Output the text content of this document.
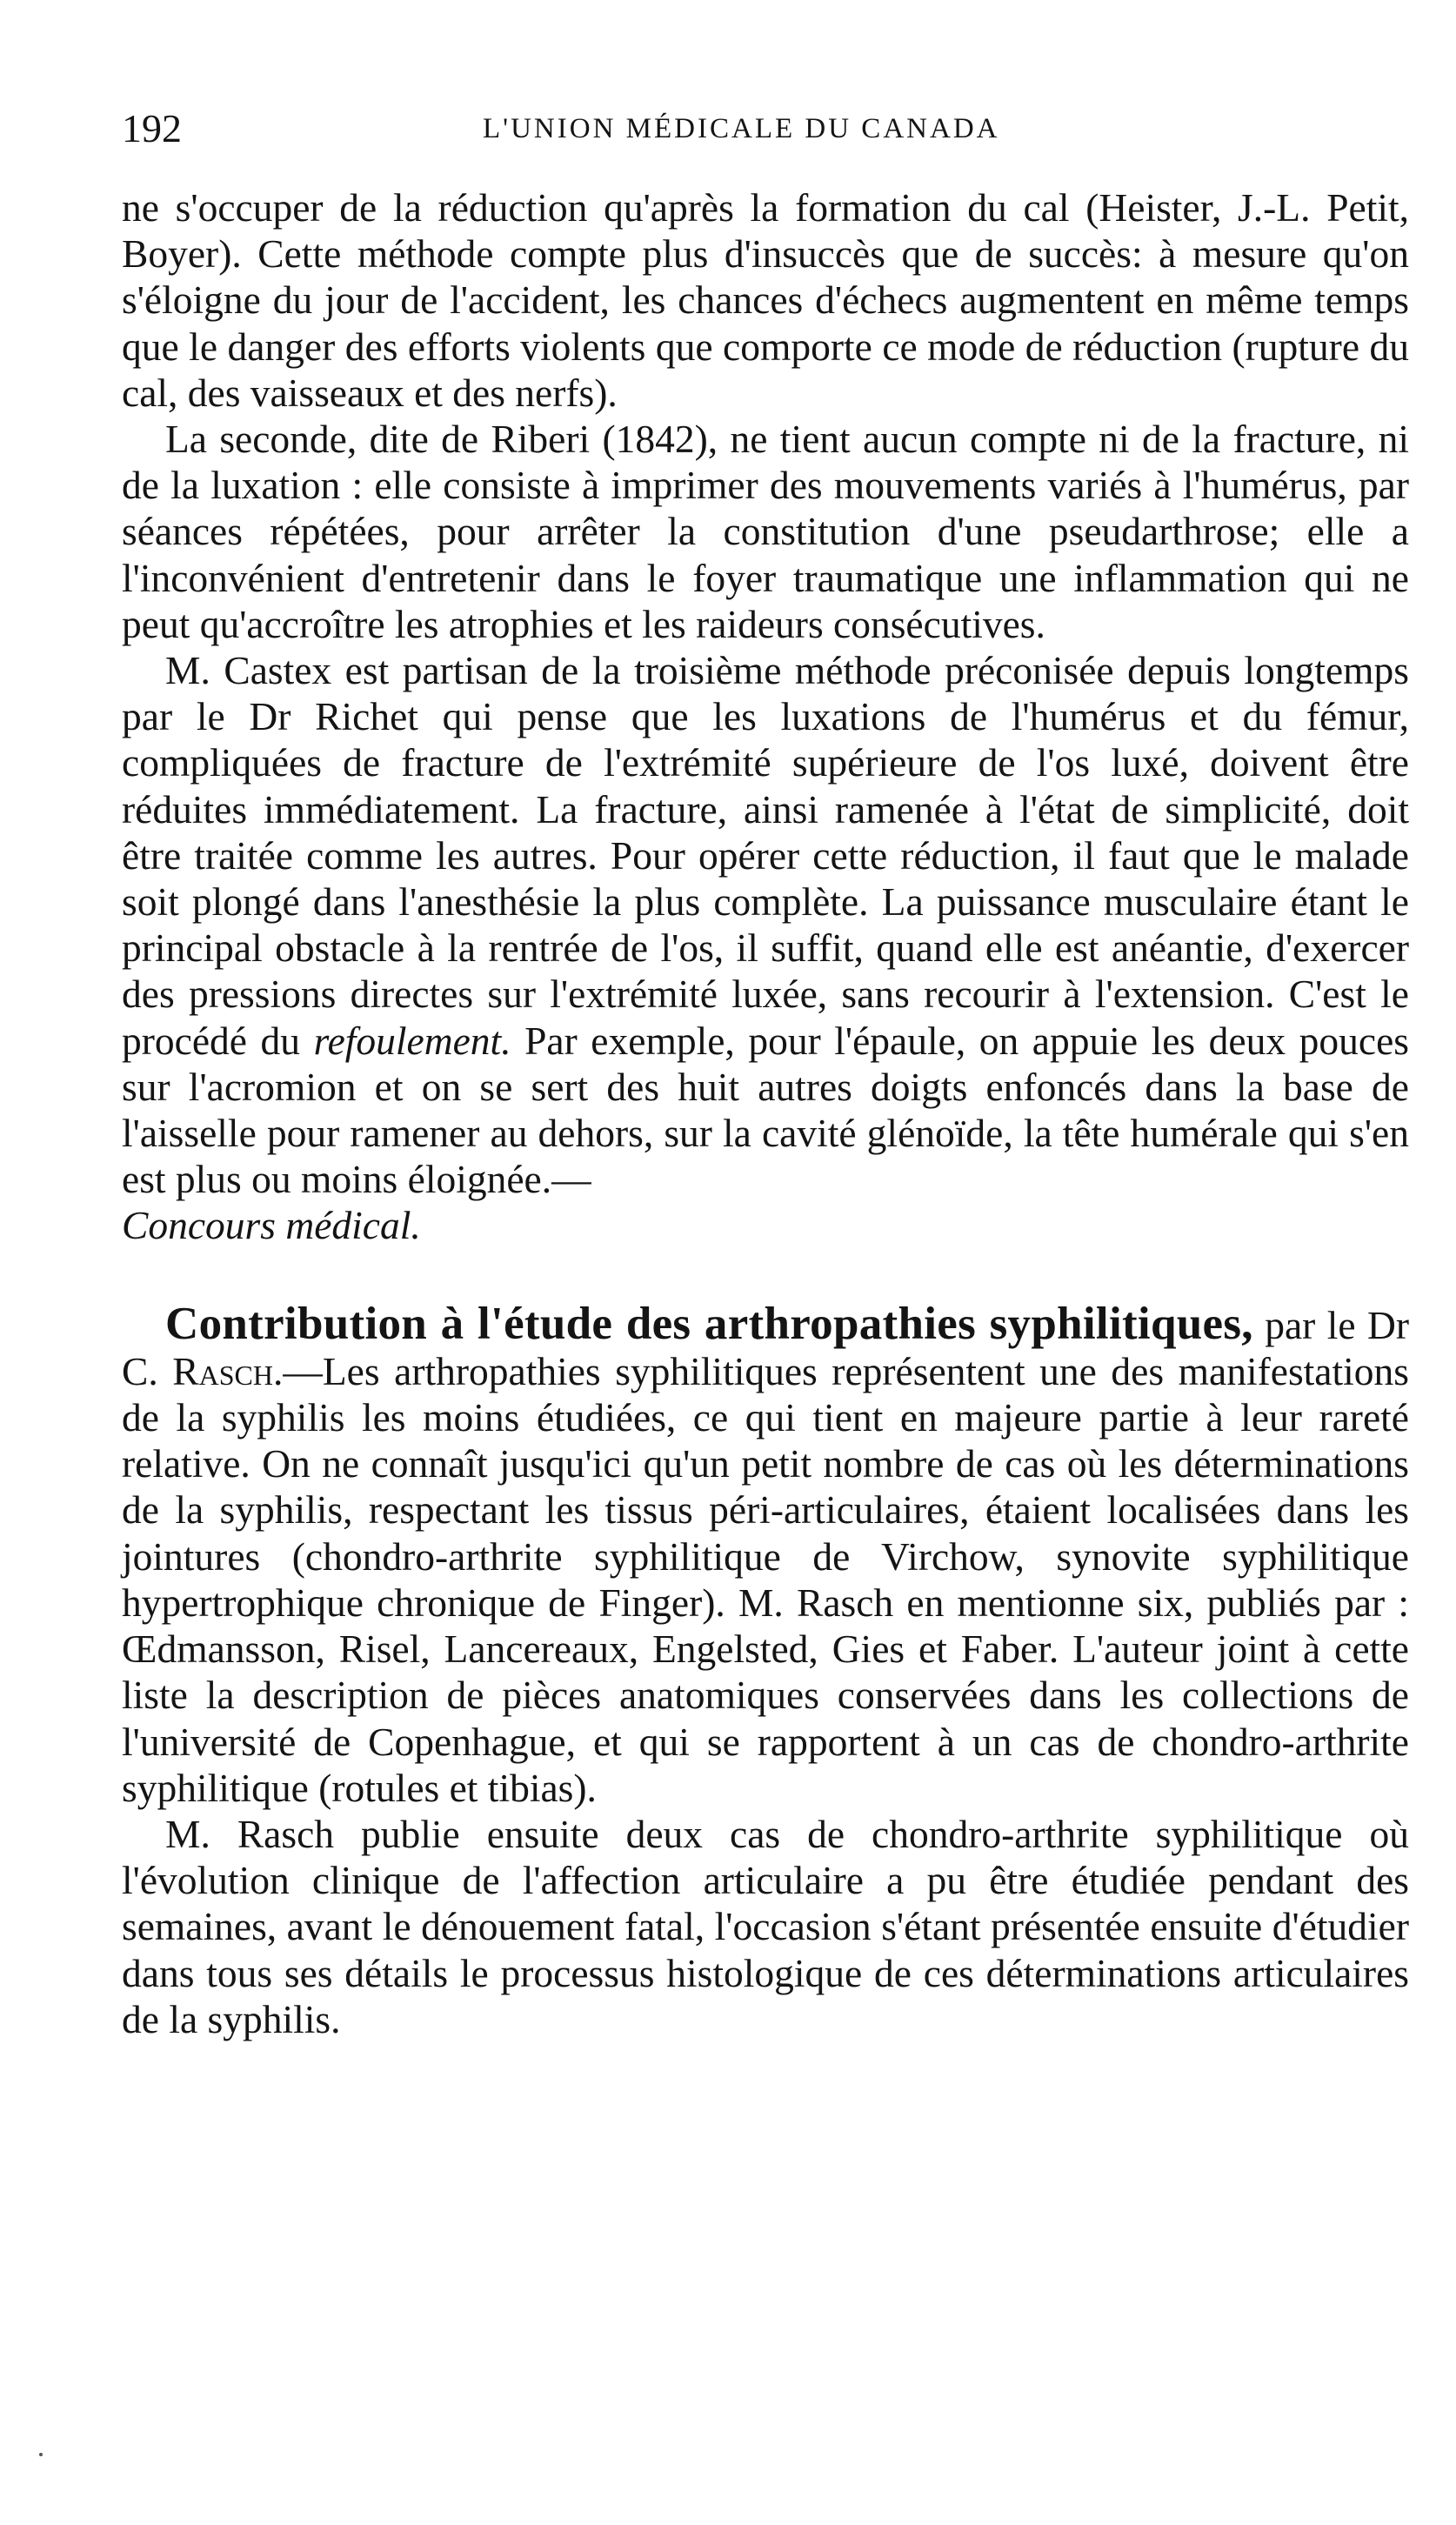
192	L'UNION MÉDICALE DU CANADA

ne s'occuper de la réduction qu'après la formation du cal (Heister, J.-L. Petit, Boyer). Cette méthode compte plus d'insuccès que de succès: à mesure qu'on s'éloigne du jour de l'accident, les chances d'échecs augmentent en même temps que le danger des efforts violents que comporte ce mode de réduction (rupture du cal, des vaisseaux et des nerfs).

La seconde, dite de Riberi (1842), ne tient aucun compte ni de la fracture, ni de la luxation : elle consiste à imprimer des mouvements variés à l'humérus, par séances répétées, pour arrêter la constitution d'une pseudarthrose; elle a l'inconvénient d'entretenir dans le foyer traumatique une inflammation qui ne peut qu'accroître les atrophies et les raideurs consécutives.

M. Castex est partisan de la troisième méthode préconisée depuis longtemps par le Dr Richet qui pense que les luxations de l'humérus et du fémur, compliquées de fracture de l'extrémité supérieure de l'os luxé, doivent être réduites immédiatement. La fracture, ainsi ramenée à l'état de simplicité, doit être traitée comme les autres. Pour opérer cette réduction, il faut que le malade soit plongé dans l'anesthésie la plus complète. La puissance musculaire étant le principal obstacle à la rentrée de l'os, il suffit, quand elle est anéantie, d'exercer des pressions directes sur l'extrémité luxée, sans recourir à l'extension. C'est le procédé du refoulement. Par exemple, pour l'épaule, on appuie les deux pouces sur l'acromion et on se sert des huit autres doigts enfoncés dans la base de l'aisselle pour ramener au dehors, sur la cavité glénoïde, la tête humérale qui s'en est plus ou moins éloignée.—
Concours médical.

Contribution à l'étude des arthropathies syphilitiques, par le Dr C. Rasch.—Les arthropathies syphilitiques représentent une des manifestations de la syphilis les moins étudiées, ce qui tient en majeure partie à leur rareté relative. On ne connaît jusqu'ici qu'un petit nombre de cas où les déterminations de la syphilis, respectant les tissus péri-articulaires, étaient localisées dans les jointures (chondro-arthrite syphilitique de Virchow, synovite syphilitique hypertrophique chronique de Finger). M. Rasch en mentionne six, publiés par : Œdmansson, Risel, Lancereaux, Engelsted, Gies et Faber. L'auteur joint à cette liste la description de pièces anatomiques conservées dans les collections de l'université de Copenhague, et qui se rapportent à un cas de chondro-arthrite syphilitique (rotules et tibias).

M. Rasch publie ensuite deux cas de chondro-arthrite syphilitique où l'évolution clinique de l'affection articulaire a pu être étudiée pendant des semaines, avant le dénouement fatal, l'occasion s'étant présentée ensuite d'étudier dans tous ses détails le processus histologique de ces déterminations articulaires de la syphilis.
